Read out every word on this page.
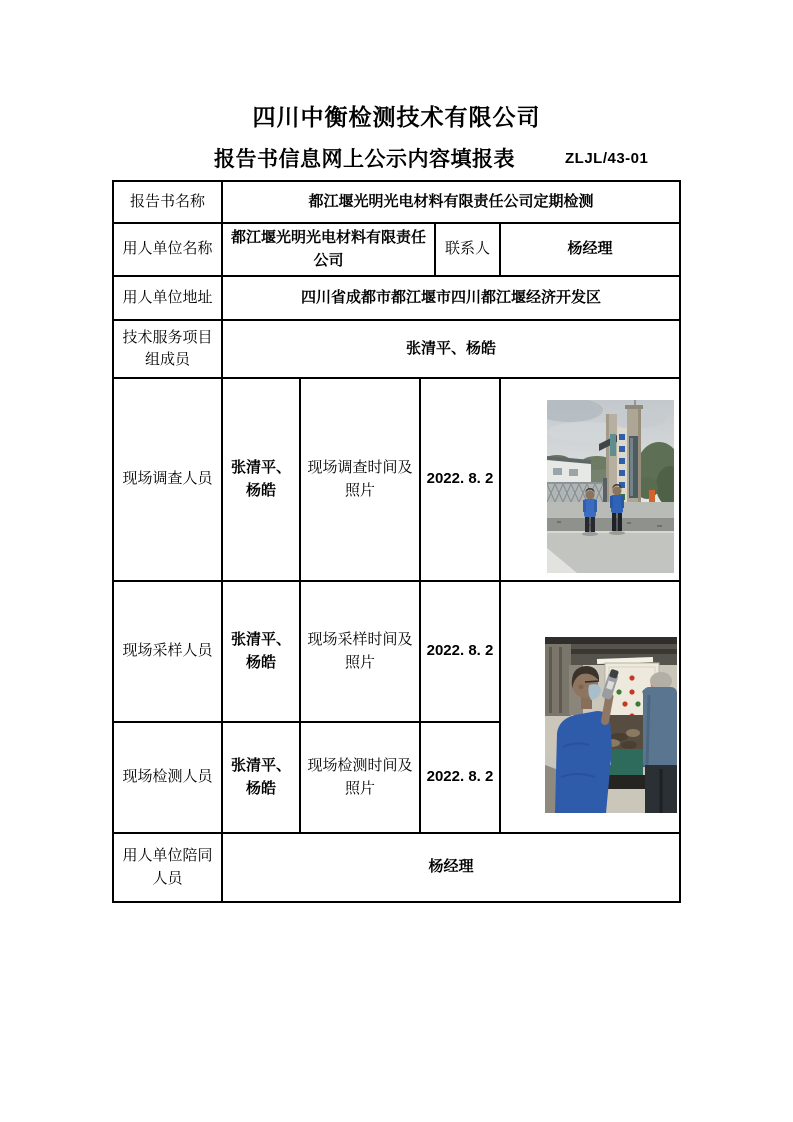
四川中衡检测技术有限公司
报告书信息网上公示内容填报表	ZLJL/43-01
报告书名称	都江堰光明光电材料有限责任公司定期检测				
用人单位名称	都江堰光明光电材料有限责任公司			联系人	杨经理
用人单位地址	四川省成都市都江堰市四川都江堰经济开发区				
技术服务项目组成员	张清平、杨皓				
现场调查人员	张清平、杨皓	现场调查时间及照片	2022. 8. 2	

现场采样人员	张清平、杨皓	现场采样时间及照片	2022. 8. 2	

现场检测人员	张清平、杨皓	现场检测时间及照片	2022. 8. 2		
用人单位陪同人员	杨经理				
